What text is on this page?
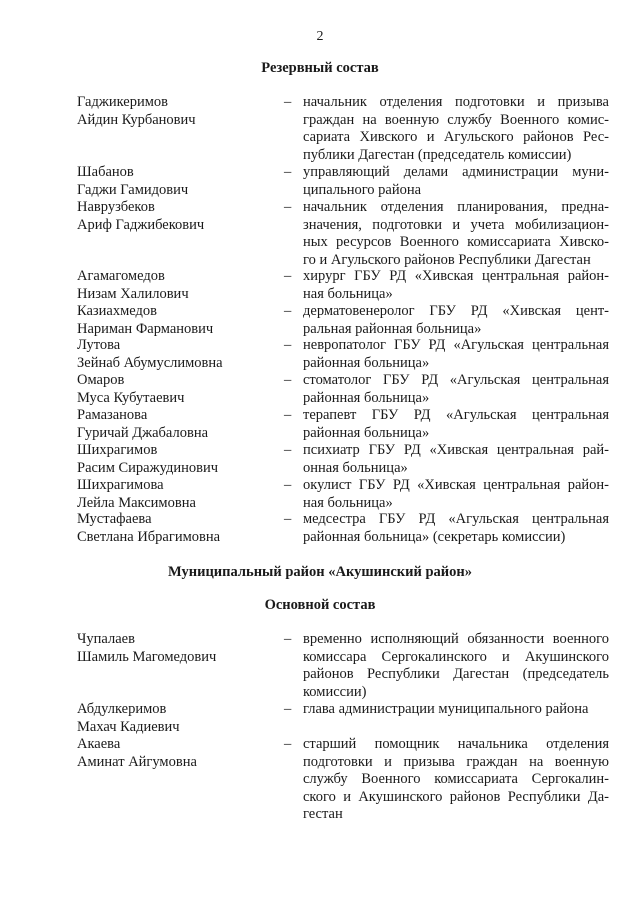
2
Резервный состав
Гаджикеримов
Айдин Курбанович
– начальник отделения подготовки и призыва
граждан на военную службу Военного комис-
сариата Хивского и Агульского районов Рес-
публики Дагестан (председатель комиссии)
Шабанов
Гаджи Гамидович
– управляющий делами администрации муни-
ципального района
Наврузбеков
Ариф Гаджибекович
– начальник отделения планирования, предна-
значения, подготовки и учета мобилизацион-
ных ресурсов Военного комиссариата Хивско-
го и Агульского районов Республики Дагестан
Агамагомедов
Низам Халилович
– хирург ГБУ РД «Хивская центральная район-
ная больница»
Казиахмедов
Нариман Фарманович
– дерматовенеролог ГБУ РД «Хивская цент-
ральная районная больница»
Лутова
Зейнаб Абумуслимовна
– невропатолог ГБУ РД «Агульская центральная
районная больница»
Омаров
Муса Кубутаевич
– стоматолог ГБУ РД «Агульская центральная
районная больница»
Рамазанова
Гуричай Джабаловна
– терапевт ГБУ РД «Агульская центральная
районная больница»
Шихрагимов
Расим Сиражудинович
– психиатр ГБУ РД «Хивская центральная рай-
онная больница»
Шихрагимова
Лейла Максимовна
– окулист ГБУ РД «Хивская центральная район-
ная больница»
Мустафаева
Светлана Ибрагимовна
– медсестра ГБУ РД «Агульская центральная
районная больница» (секретарь комиссии)
Муниципальный район «Акушинский район»
Основной состав
Чупалаев
Шамиль Магомедович
– временно исполняющий обязанности военного
комиссара Сергокалинского и Акушинского
районов Республики Дагестан (председатель
комиссии)
Абдулкеримов
Махач Кадиевич
– глава администрации муниципального района
Акаева
Аминат Айгумовна
– старший помощник начальника отделения
подготовки и призыва граждан на военную
службу Военного комиссариата Сергокалин-
ского и Акушинского районов Республики Да-
гестан
